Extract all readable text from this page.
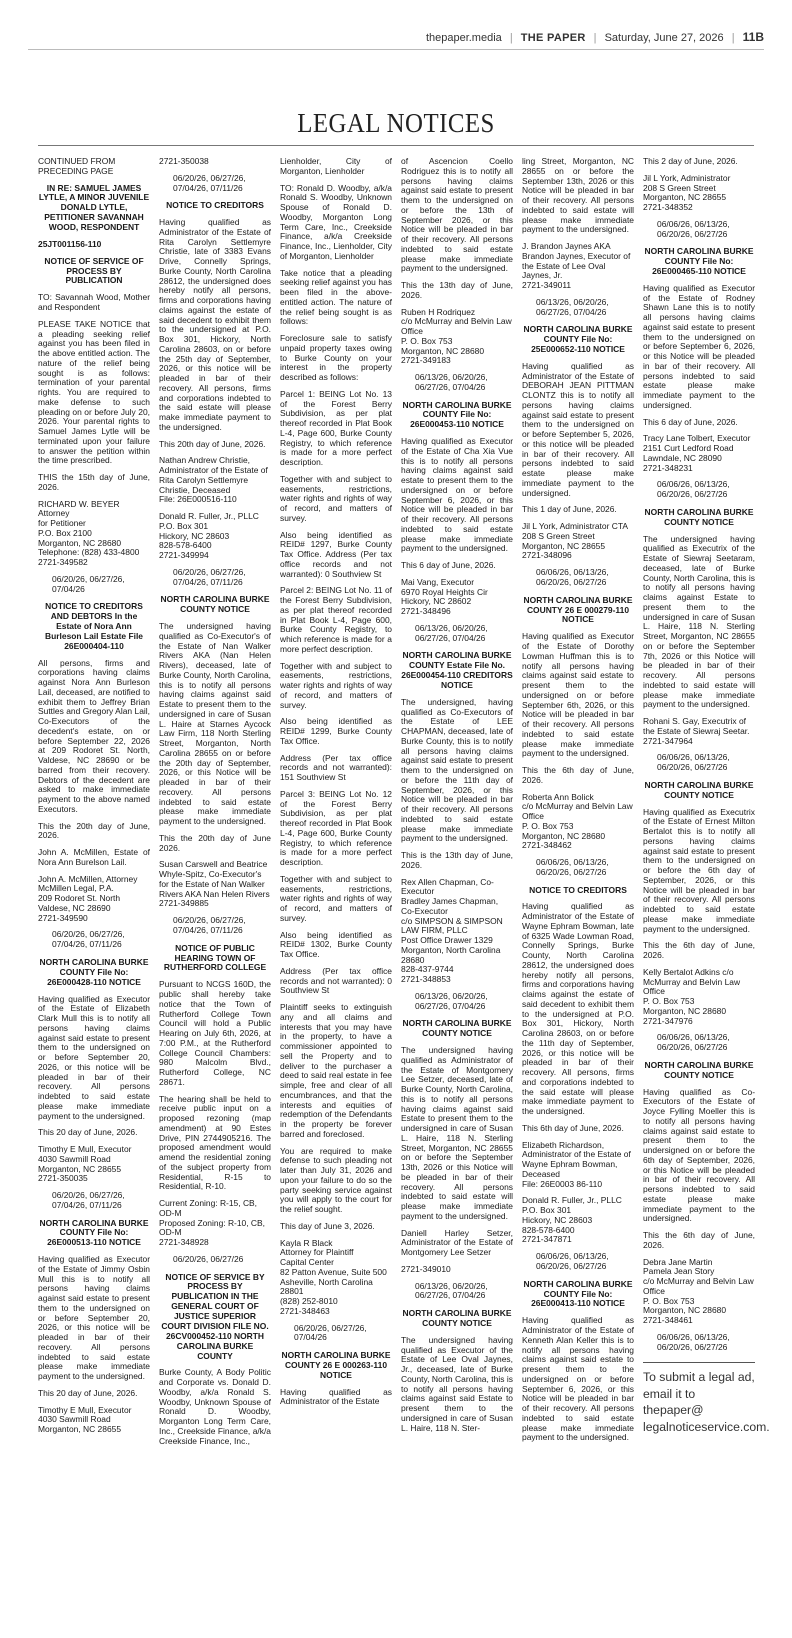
thepaper.media | THE PAPER | Saturday, June 27, 2026 | 11B
LEGAL NOTICES

CONTINUED FROM PRECEDING PAGE

IN RE: SAMUEL JAMES LYTLE, A MINOR JUVENILE DONALD LYTLE, PETITIONER SAVANNAH WOOD, RESPONDENT

25JT001156-110

NOTICE OF SERVICE OF PROCESS BY PUBLICATION

TO: Savannah Wood, Mother and Respondent

PLEASE TAKE NOTICE that a pleading seeking relief against you has been filed in the above entitled action. The nature of the relief being sought is as follows: termination of your parental rights. You are required to make defense to such pleading on or before July 20, 2026. Your parental rights to Samuel James Lytle will be terminated upon your failure to answer the petition within the time prescribed.

THIS the 15th day of June, 2026.

RICHARD W. BEYER Attorney
for Petitioner
P.O. Box 2100
Morganton, NC 28680
Telephone: (828) 433-4800
2721-349582

06/20/26, 06/27/26,
07/04/26

NOTICE TO CREDITORS AND DEBTORS In the Estate of Nora Ann Burleson Lail Estate File 26E000404-110

All persons, firms and corporations having claims against Nora Ann Burleson Lail, deceased, are notified to exhibit them to Jeffrey Brian Suttles and Gregory Alan Lail, Co-Executors of the decedent's estate, on or before September 22, 2026 at 209 Rodoret St. North, Valdese, NC 28690 or be barred from their recovery. Debtors of the decedent are asked to make immediate payment to the above named Executors.

This the 20th day of June, 2026.

John A. McMillen, Estate of Nora Ann Burelson Lail.

John A. McMillen, Attorney
McMillen Legal, P.A.
209 Rodoret St. North
Valdese, NC 28690
2721-349590

06/20/26, 06/27/26,
07/04/26, 07/11/26

NORTH CAROLINA BURKE COUNTY File No: 26E000428-110 NOTICE

Having qualified as Executor of the Estate of Elizabeth Clark Mull this is to notify all persons having claims against said estate to present them to the undersigned on or before September 20, 2026, or this notice will be pleaded in bar of their recovery. All persons indebted to said estate please make immediate payment to the undersigned.

This 20 day of June, 2026.

Timothy E Mull, Executor
4030 Sawmill Road
Morganton, NC 28655
2721-350035

06/20/26, 06/27/26,
07/04/26, 07/11/26

NORTH CAROLINA BURKE COUNTY File No: 26E000513-110 NOTICE

Having qualified as Executor of the Estate of Jimmy Osbin Mull this is to notify all persons having claims against said estate to present them to the undersigned on or before September 20, 2026, or this notice will be pleaded in bar of their recovery. All persons indebted to said estate please make immediate payment to the undersigned.

This 20 day of June, 2026.

Timothy E Mull, Executor
4030 Sawmill Road
Morganton, NC 28655

2721-350038

06/20/26, 06/27/26,
07/04/26, 07/11/26

NOTICE TO CREDITORS

Having qualified as Administrator of the Estate of Rita Carolyn Settlemyre Christie, late of 3383 Evans Drive, Connelly Springs, Burke County, North Carolina 28612, the undersigned does hereby notify all persons, firms and corporations having claims against the estate of said decedent to exhibit them to the undersigned at P.O. Box 301, Hickory, North Carolina 28603, on or before the 25th day of September, 2026, or this notice will be pleaded in bar of their recovery. All persons, firms and corporations indebted to the said estate will please make immediate payment to the undersigned.

This 20th day of June, 2026.

Nathan Andrew Christie, Administrator of the Estate of Rita Carolyn Settlemyre Christie, Deceased
File: 26E000516-110

Donald R. Fuller, Jr., PLLC
P.O. Box 301
Hickory, NC 28603
828-578-6400
2721-349994

06/20/26, 06/27/26,
07/04/26, 07/11/26

NORTH CAROLINA BURKE COUNTY NOTICE

The undersigned having qualified as Co-Executor's of the Estate of Nan Walker Rivers AKA (Nan Helen Rivers), deceased, late of Burke County, North Carolina, this is to notify all persons having claims against said Estate to present them to the undersigned in care of Susan L. Haire at Starnes Aycock Law Firm, 118 North Sterling Street, Morganton, North Carolina 28655 on or before the 20th day of September, 2026, or this Notice will be pleaded in bar of their recovery. All persons indebted to said estate please make immediate payment to the undersigned.

This the 20th day of June 2026.

Susan Carswell and Beatrice Whyle-Spitz, Co-Executor's for the Estate of Nan Walker Rivers AKA Nan Helen Rivers
2721-349885

06/20/26, 06/27/26,
07/04/26, 07/11/26

NOTICE OF PUBLIC HEARING TOWN OF RUTHERFORD COLLEGE

Pursuant to NCGS 160D, the public shall hereby take notice that the Town of Rutherford College Town Council will hold a Public Hearing on July 6th, 2026, at 7:00 P.M., at the Rutherford College Council Chambers: 980 Malcolm Blvd., Rutherford College, NC 28671.

The hearing shall be held to receive public input on a proposed rezoning (map amendment) at 90 Estes Drive, PIN 2744905216. The proposed amendment would amend the residential zoning of the subject property from Residential, R-15 to Residential, R-10.

Current Zoning: R-15, CB, OD-M
Proposed Zoning: R-10, CB, OD-M
2721-348928

06/20/26, 06/27/26

NOTICE OF SERVICE BY PROCESS BY PUBLICATION IN THE GENERAL COURT OF JUSTICE SUPERIOR COURT DIVISION FILE NO. 26CV000452-110 NORTH CAROLINA BURKE COUNTY

Burke County, A Body Politic and Corporate vs. Donald D. Woodby, a/k/a Ronald S. Woodby, Unknown Spouse of Ronald D. Woodby, Morganton Long Term Care, Inc., Creekside Finance, a/k/a Creekside Finance, Inc.,

Lienholder, City of Morganton, Lienholder

TO: Ronald D. Woodby, a/k/a Ronald S. Woodby, Unknown Spouse of Ronald D. Woodby, Morganton Long Term Care, Inc., Creekside Finance, a/k/a Creekside Finance, Inc., Lienholder, City of Morganton, Lienholder

Take notice that a pleading seeking relief against you has been filed in the above- entitled action. The nature of the relief being sought is as follows:

Foreclosure sale to satisfy unpaid property taxes owing to Burke County on your interest in the property described as follows:

Parcel 1: BEING Lot No. 13 of the Forest Berry Subdivision, as per plat thereof recorded in Plat Book L-4, Page 600, Burke County Registry, to which reference is made for a more perfect description.

Together with and subject to easements, restrictions, water rights and rights of way of record, and matters of survey.

Also being identified as REID# 1297, Burke County Tax Office. Address (Per tax office records and not warranted): 0 Southview St

Parcel 2: BEING Lot No. 11 of the Forest Berry Subdivision, as per plat thereof recorded in Plat Book L-4, Page 600, Burke County Registry, to which reference is made for a more perfect description.

Together with and subject to easements, restrictions, water rights and rights of way of record, and matters of survey.

Also being identified as REID# 1299, Burke County Tax Office.

Address (Per tax office records and not warranted): 151 Southview St

Parcel 3: BEING Lot No. 12 of the Forest Berry Subdivision, as per plat thereof recorded in Plat Book L-4, Page 600, Burke County Registry, to which reference is made for a more perfect description.

Together with and subject to easements, restrictions, water rights and rights of way of record, and matters of survey.

Also being identified as REID# 1302, Burke County Tax Office.

Address (Per tax office records and not warranted): 0 Southview St

Plaintiff seeks to extinguish any and all claims and interests that you may have in the property, to have a commissioner appointed to sell the Property and to deliver to the purchaser a deed to said real estate in fee simple, free and clear of all encumbrances, and that the interests and equities of redemption of the Defendants in the property be forever barred and foreclosed.

You are required to make defense to such pleading not later than July 31, 2026 and upon your failure to do so the party seeking service against you will apply to the court for the relief sought.

This day of June 3, 2026.

Kayla R Black
Attorney for Plaintiff
Capital Center
82 Patton Avenue, Suite 500
Asheville, North Carolina 28801
(828) 252-8010
2721-348463

06/20/26, 06/27/26,
07/04/26

NORTH CAROLINA BURKE COUNTY 26 E 000263-110 NOTICE

Having qualified as Administrator of the Estate

of Ascencion Coello Rodriguez this is to notify all persons having claims against said estate to present them to the undersigned on or before the 13th of September 2026, or this Notice will be pleaded in bar of their recovery. All persons indebted to said estate please make immediate payment to the undersigned.

This the 13th day of June, 2026.

Ruben H Rodriquez
c/o McMurray and Belvin Law Office
P. O. Box 753
Morganton, NC 28680
2721-349183

06/13/26, 06/20/26,
06/27/26, 07/04/26

NORTH CAROLINA BURKE COUNTY File No: 26E000453-110 NOTICE

Having qualified as Executor of the Estate of Cha Xia Vue this is to notify all persons having claims against said estate to present them to the undersigned on or before September 6, 2026, or this Notice will be pleaded in bar of their recovery. All persons indebted to said estate please make immediate payment to the undersigned.

This 6 day of June, 2026.

Mai Vang, Executor
6970 Royal Heights Cir
Hickory, NC 28602
2721-348496

06/13/26, 06/20/26,
06/27/26, 07/04/26

NORTH CAROLINA BURKE COUNTY Estate File No. 26E000454-110 CREDITORS NOTICE

The undersigned, having qualified as Co-Executors of the Estate of LEE CHAPMAN, deceased, late of Burke County, this is to notify all persons having claims against said estate to present them to the undersigned on or before the 11th day of September, 2026, or this Notice will be pleaded in bar of their recovery. All persons indebted to said estate please make immediate payment to the undersigned.

This is the 13th day of June, 2026.

Rex Allen Chapman, Co-Executor
Bradley James Chapman, Co-Executor
c/o SIMPSON & SIMPSON LAW FIRM, PLLC
Post Office Drawer 1329
Morganton, North Carolina 28680
828-437-9744
2721-348853

06/13/26, 06/20/26,
06/27/26, 07/04/26

NORTH CAROLINA BURKE COUNTY NOTICE

The undersigned having qualified as Administrator of the Estate of Montgomery Lee Setzer, deceased, late of Burke County, North Carolina, this is to notify all persons having claims against said Estate to present them to the undersigned in care of Susan L. Haire, 118 N. Sterling Street, Morganton, NC 28655 on or before the September 13th, 2026 or this Notice will be pleaded in bar of their recovery. All persons indebted to said estate will please make immediate payment to the undersigned.

Daniell Harley Setzer, Administrator of the Estate of Montgomery Lee Setzer

2721-349010

06/13/26, 06/20/26,
06/27/26, 07/04/26

NORTH CAROLINA BURKE COUNTY NOTICE

The undersigned having qualified as Executor of the Estate of Lee Oval Jaynes, Jr., deceased, late of Burke County, North Carolina, this is to notify all persons having claims against said Estate to present them to the undersigned in care of Susan L. Haire, 118 N. Ster-

ling Street, Morganton, NC 28655 on or before the September 13th, 2026 or this Notice will be pleaded in bar of their recovery. All persons indebted to said estate will please make immediate payment to the undersigned.

J. Brandon Jaynes AKA Brandon Jaynes, Executor of the Estate of Lee Oval Jaynes, Jr.
2721-349011

06/13/26, 06/20/26,
06/27/26, 07/04/26

NORTH CAROLINA BURKE COUNTY File No: 25E000652-110 NOTICE

Having qualified as Administrator of the Estate of DEBORAH JEAN PITTMAN CLONTZ this is to notify all persons having claims against said estate to present them to the undersigned on or before September 5, 2026, or this notice will be pleaded in bar of their recovery. All persons indebted to said estate please make immediate payment to the undersigned.

This 1 day of June, 2026.

Jil L York, Administrator CTA
208 S Green Street
Morganton, NC 28655
2721-348096

06/06/26, 06/13/26,
06/20/26, 06/27/26

NORTH CAROLINA BURKE COUNTY 26 E 000279-110 NOTICE

Having qualified as Executor of the Estate of Dorothy Lowman Huffman this is to notify all persons having claims against said estate to present them to the undersigned on or before September 6th, 2026, or this Notice will be pleaded in bar of their recovery. All persons indebted to said estate please make immediate payment to the undersigned.

This the 6th day of June, 2026.

Roberta Ann Bolick
c/o McMurray and Belvin Law Office
P. O. Box 753
Morganton, NC 28680
2721-348462

06/06/26, 06/13/26,
06/20/26, 06/27/26

NOTICE TO CREDITORS

Having qualified as Administrator of the Estate of Wayne Ephram Bowman, late of 6325 Wade Lowman Road, Connelly Springs, Burke County, North Carolina 28612, the undersigned does hereby notify all persons, firms and corporations having claims against the estate of said decedent to exhibit them to the undersigned at P.O. Box 301, Hickory, North Carolina 28603, on or before the 11th day of September, 2026, or this notice will be pleaded in bar of their recovery. All persons, firms and corporations indebted to the said estate will please make immediate payment to the undersigned.

This 6th day of June, 2026.

Elizabeth Richardson, Administrator of the Estate of Wayne Ephram Bowman,
Deceased
File: 26E0003 86-110

Donald R. Fuller, Jr., PLLC
P.O. Box 301
Hickory, NC 28603
828-578-6400
2721-347871

06/06/26, 06/13/26,
06/20/26, 06/27/26

NORTH CAROLINA BURKE COUNTY File No: 26E000413-110 NOTICE

Having qualified as Administrator of the Estate of Kenneth Alan Keller this is to notify all persons having claims against said estate to present them to the undersigned on or before September 6, 2026, or this Notice will be pleaded in bar of their recovery. All persons indebted to said estate please make immediate payment to the undersigned.

This 2 day of June, 2026.

Jil L York, Administrator
208 S Green Street
Morganton, NC 28655
2721-348352

06/06/26, 06/13/26,
06/20/26, 06/27/26

NORTH CAROLINA BURKE COUNTY File No: 26E000465-110 NOTICE

Having qualified as Executor of the Estate of Rodney Shawn Lane this is to notify all persons having claims against said estate to present them to the undersigned on or before September 6, 2026, or this Notice will be pleaded in bar of their recovery. All persons indebted to said estate please make immediate payment to the undersigned.

This 6 day of June, 2026.

Tracy Lane Tolbert, Executor
2151 Curt Ledford Road
Lawndale, NC 28090
2721-348231

06/06/26, 06/13/26,
06/20/26, 06/27/26

NORTH CAROLINA BURKE COUNTY NOTICE

The undersigned having qualified as Executrix of the Estate of Siewraj Seetaram, deceased, late of Burke County, North Carolina, this is to notify all persons having claims against Estate to present them to the undersigned in care of Susan L. Haire, 118 N. Sterling Street, Morganton, NC 28655 on or before the September 7th, 2026 or this Notice will be pleaded in bar of their recovery. All persons indebted to said estate will please make immediate payment to the undersigned.

Rohani S. Gay, Executrix of the Estate of Siewraj Seetar.
2721-347964

06/06/26, 06/13/26,
06/20/26, 06/27/26

NORTH CAROLINA BURKE COUNTY NOTICE

Having qualified as Executrix of the Estate of Ernest Milton Bertalot this is to notify all persons having claims against said estate to present them to the undersigned on or before the 6th day of September, 2026, or this Notice will be pleaded in bar of their recovery. All persons indebted to said estate please make immediate payment to the undersigned.

This the 6th day of June, 2026.

Kelly Bertalot Adkins c/o McMurray and Belvin Law Office
P. O. Box 753
Morganton, NC 28680
2721-347976

06/06/26, 06/13/26,
06/20/26, 06/27/26

NORTH CAROLINA BURKE COUNTY NOTICE

Having qualified as Co-Executors of the Estate of Joyce Fylling Moeller this is to notify all persons having claims against said estate to present them to the undersigned on or before the 6th day of September, 2026, or this Notice will be pleaded in bar of their recovery. All persons indebted to said estate please make immediate payment to the undersigned.

This the 6th day of June, 2026.

Debra Jane Martin
Pamela Jean Story
c/o McMurray and Belvin Law Office
P. O. Box 753
Morganton, NC 28680
2721-348461

06/06/26, 06/13/26,
06/20/26, 06/27/26

To submit a legal ad, email it to thepaper@ legalnoticeservice.com.
